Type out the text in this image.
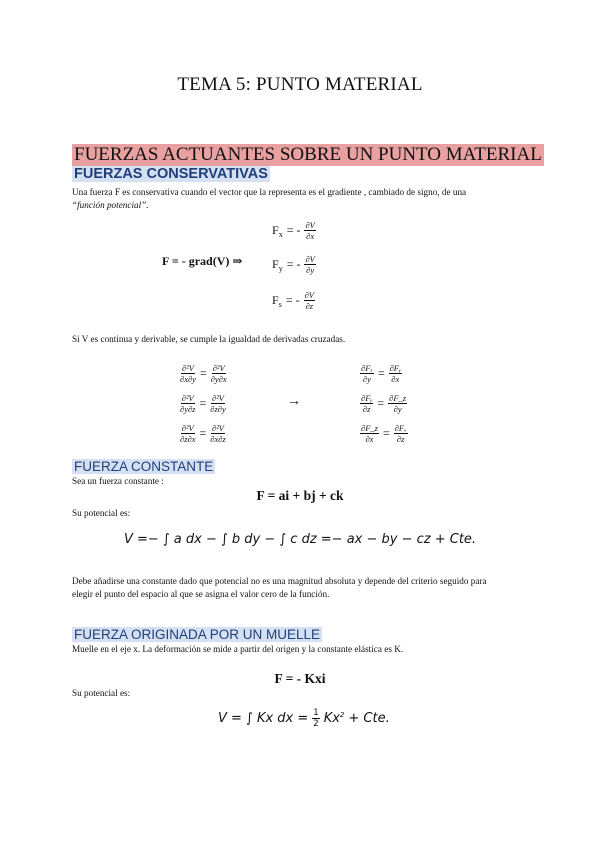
TEMA 5: PUNTO MATERIAL
FUERZAS ACTUANTES SOBRE UN PUNTO MATERIAL
FUERZAS CONSERVATIVAS
Una fuerza F es conservativa cuando el vector que la representa es el gradiente , cambiado de signo, de una
“función potencial”.
F = - grad(V) ⇒
$F_x$ = - $\frac{\partial V}{\partial x}$
$F_y$ = - $\frac{\partial V}{\partial y}$
$F_s$ = - $\frac{\partial V}{\partial z}$
Si V es continua y derivable, se cumple la igualdad de derivadas cruzadas.
$\frac{\text{∂²V}}{\partial x\partial y} = \frac{\text{∂²V}}{\partial y\partial x}$
$\frac{\text{∂²V}}{\partial y\partial z} = \frac{\text{∂²V}}{\partial z\partial y}$
$\frac{\text{∂²V}}{\partial z\partial x} = \frac{\text{∂²V}}{\partial x\partial z}$
→
$\frac{\text{∂Fₓ}}{\partial y} = \frac{\text{∂Fᵧ}}{\partial x}$
$\frac{\text{∂Fᵧ}}{\partial z} = \frac{\partial F\_z}{\partial y}$
$\frac{\partial F\_z}{\partial x} = \frac{\text{∂Fₓ}}{\partial z}$
FUERZA CONSTANTE
Sea un fuerza constante :
F = ai + bj + ck
Su potencial es:
V =− ∫ a dx − ∫ b dy − ∫ c dz =− ax − by − cz + Cte.
Debe añadirse una constante dado que potencial no es una magnitud absoluta y depende del criterio seguido para
elegir el punto del espacio al que se asigna el valor cero de la función.
FUERZA ORIGINADA POR UN MUELLE
Muelle en el eje x. La deformación se mide a partir del origen y la constante elástica es K.
F = - Kxi
Su potencial es:
V = ∫ Kx dx = $\frac{1}{2} Kx^2$ + Cte.
